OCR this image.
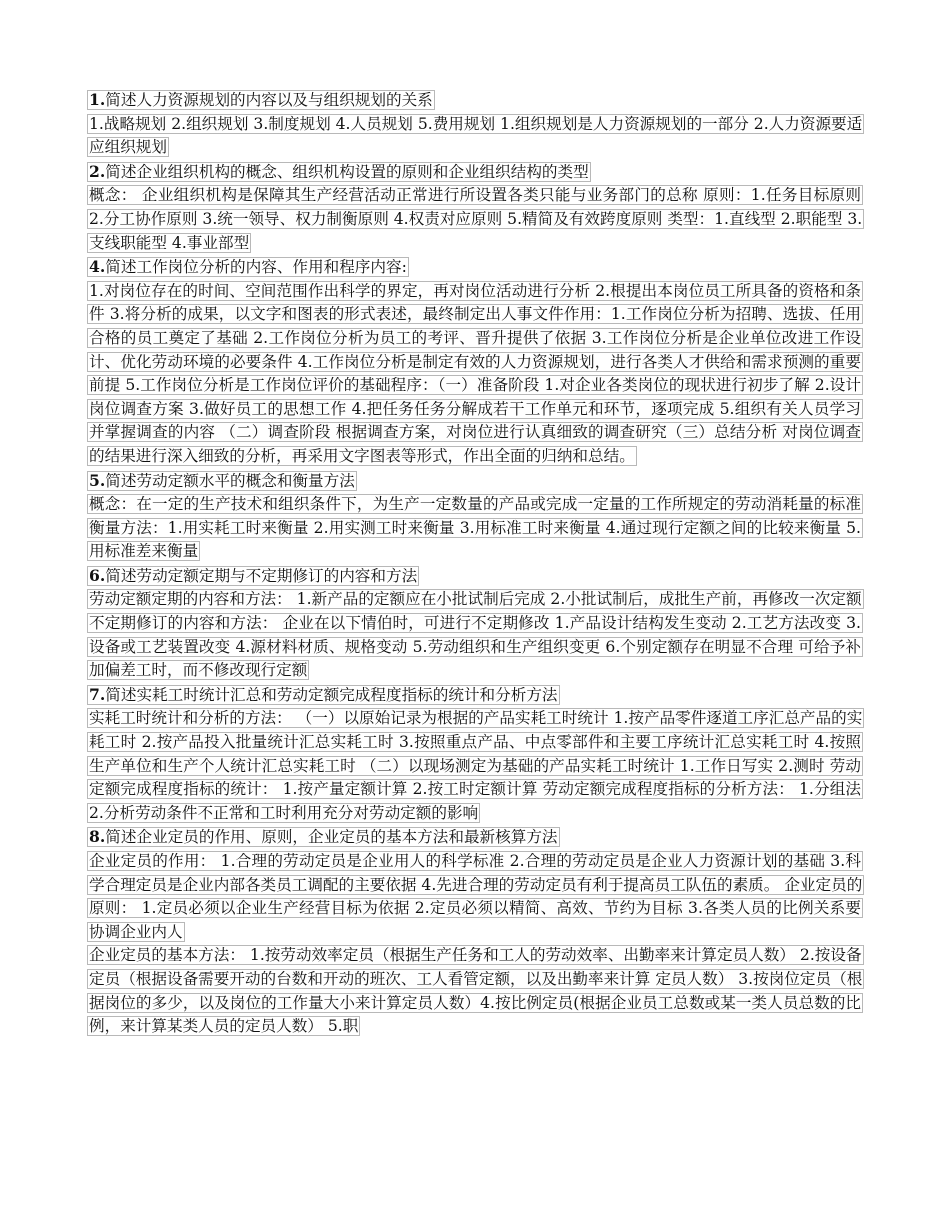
1.简述人力资源规划的内容以及与组织规划的关系
1.战略规划 2.组织规划 3.制度规划 4.人员规划 5.费用规划 1.组织规划是人力资源规划的一部分 2.人力资源要适应组织规划
2.简述企业组织机构的概念、组织机构设置的原则和企业组织结构的类型
概念： 企业组织机构是保障其生产经营活动正常进行所设置各类只能与业务部门的总称 原则：1.任务目标原则 2.分工协作原则 3.统一领导、权力制衡原则 4.权责对应原则 5.精简及有效跨度原则 类型：1.直线型 2.职能型 3.支线职能型 4.事业部型
4.简述工作岗位分析的内容、作用和程序内容:
1.对岗位存在的时间、空间范围作出科学的界定，再对岗位活动进行分析 2.根提出本岗位员工所具备的资格和条件 3.将分析的成果，以文字和图表的形式表述，最终制定出人事文件作用：1.工作岗位分析为招聘、选拔、任用合格的员工奠定了基础 2.工作岗位分析为员工的考评、晋升提供了依据 3.工作岗位分析是企业单位改进工作设计、优化劳动环境的必要条件 4.工作岗位分析是制定有效的人力资源规划，进行各类人才供给和需求预测的重要前提 5.工作岗位分析是工作岗位评价的基础程序：（一）准备阶段 1.对企业各类岗位的现状进行初步了解 2.设计岗位调查方案 3.做好员工的思想工作 4.把任务任务分解成若干工作单元和环节，逐项完成 5.组织有关人员学习并掌握调查的内容 （二）调查阶段 根据调查方案，对岗位进行认真细致的调查研究（三）总结分析 对岗位调查的结果进行深入细致的分析，再采用文字图表等形式，作出全面的归纳和总结。
5.简述劳动定额水平的概念和衡量方法
概念：在一定的生产技术和组织条件下，为生产一定数量的产品或完成一定量的工作所规定的劳动消耗量的标准 衡量方法：1.用实耗工时来衡量 2.用实测工时来衡量 3.用标准工时来衡量 4.通过现行定额之间的比较来衡量 5.用标准差来衡量
6.简述劳动定额定期与不定期修订的内容和方法
劳动定额定期的内容和方法： 1.新产品的定额应在小批试制后完成 2.小批试制后，成批生产前，再修改一次定额不定期修订的内容和方法： 企业在以下情伯时，可进行不定期修改 1.产品设计结构发生变动 2.工艺方法改变 3.设备或工艺装置改变 4.源材料材质、规格变动 5.劳动组织和生产组织变更 6.个别定额存在明显不合理 可给予补加偏差工时，而不修改现行定额
7.简述实耗工时统计汇总和劳动定额完成程度指标的统计和分析方法
实耗工时统计和分析的方法： （一）以原始记录为根据的产品实耗工时统计 1.按产品零件逐道工序汇总产品的实耗工时 2.按产品投入批量统计汇总实耗工时 3.按照重点产品、中点零部件和主要工序统计汇总实耗工时 4.按照生产单位和生产个人统计汇总实耗工时 （二）以现场测定为基础的产品实耗工时统计 1.工作日写实 2.测时 劳动定额完成程度指标的统计： 1.按产量定额计算 2.按工时定额计算 劳动定额完成程度指标的分析方法： 1.分组法 2.分析劳动条件不正常和工时利用充分对劳动定额的影响
8.简述企业定员的作用、原则，企业定员的基本方法和最新核算方法
企业定员的作用： 1.合理的劳动定员是企业用人的科学标准 2.合理的劳动定员是企业人力资源计划的基础 3.科学合理定员是企业内部各类员工调配的主要依据 4.先进合理的劳动定员有利于提高员工队伍的素质。 企业定员的原则： 1.定员必须以企业生产经营目标为依据 2.定员必须以精简、高效、节约为目标 3.各类人员的比例关系要协调企业内人
企业定员的基本方法： 1.按劳动效率定员（根据生产任务和工人的劳动效率、出勤率来计算定员人数） 2.按设备定员（根据设备需要开动的台数和开动的班次、工人看管定额，以及出勤率来计算 定员人数） 3.按岗位定员（根据岗位的多少，以及岗位的工作量大小来计算定员人数）4.按比例定员(根据企业员工总数或某一类人员总数的比例，来计算某类人员的定员人数） 5.职
